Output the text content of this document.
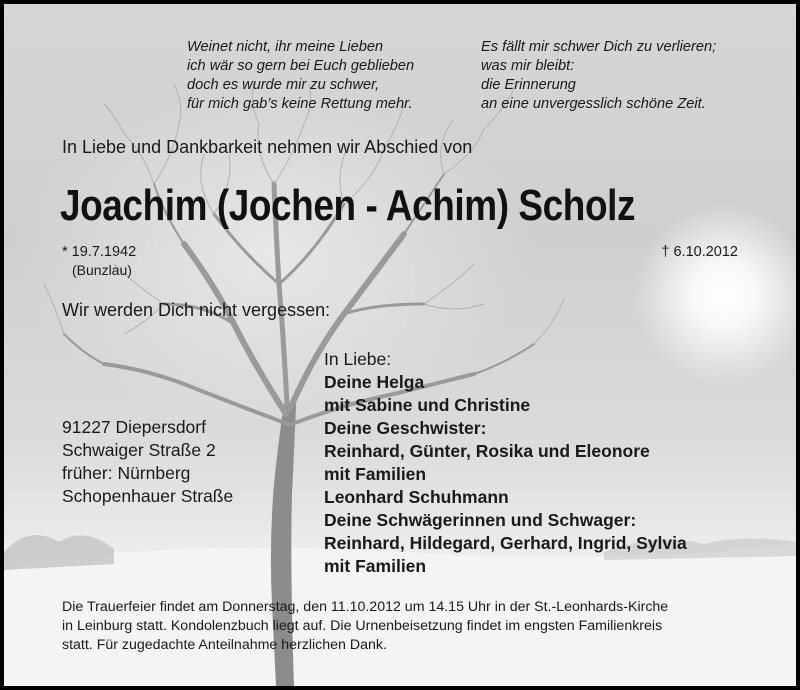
Weinet nicht, ihr meine Lieben
ich wär so gern bei Euch geblieben
doch es wurde mir zu schwer,
für mich gab’s keine Rettung mehr.
Es fällt mir schwer Dich zu verlieren;
was mir bleibt:
die Erinnerung
an eine unvergesslich schöne Zeit.
In Liebe und Dankbarkeit nehmen wir Abschied von
Joachim (Jochen - Achim) Scholz
* 19.7.1942
(Bunzlau)
† 6.10.2012
Wir werden Dich nicht vergessen:
91227 Diepersdorf
Schwaiger Straße 2
früher: Nürnberg
Schopenhauer Straße
In Liebe:
Deine Helga
mit Sabine und Christine
Deine Geschwister:
Reinhard, Günter, Rosika und Eleonore
mit Familien
Leonhard Schuhmann
Deine Schwägerinnen und Schwager:
Reinhard, Hildegard, Gerhard, Ingrid, Sylvia
mit Familien
Die Trauerfeier findet am Donnerstag, den 11.10.2012 um 14.15 Uhr in der St.-Leonhards-Kirche
in Leinburg statt. Kondolenzbuch liegt auf. Die Urnenbeisetzung findet im engsten Familienkreis
statt. Für zugedachte Anteilnahme herzlichen Dank.
